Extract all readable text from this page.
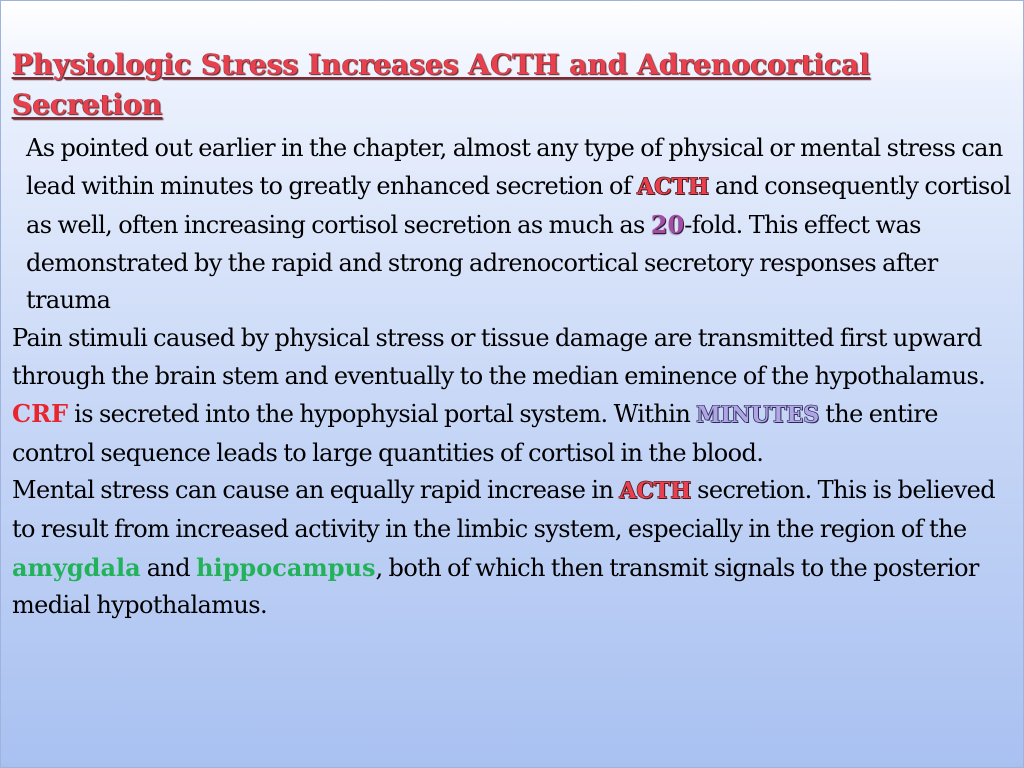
Physiologic Stress Increases ACTH and Adrenocortical Secretion

As pointed out earlier in the chapter, almost any type of physical or mental stress can lead within minutes to greatly enhanced secretion of ACTH and consequently cortisol as well, often increasing cortisol secretion as much as 20-fold. This effect was demonstrated by the rapid and strong adrenocortical secretory responses after trauma

Pain stimuli caused by physical stress or tissue damage are transmitted first upward through the brain stem and eventually to the median eminence of the hypothalamus. CRF is secreted into the hypophysial portal system. Within MINUTES the entire control sequence leads to large quantities of cortisol in the blood.

Mental stress can cause an equally rapid increase in ACTH secretion. This is believed to result from increased activity in the limbic system, especially in the region of the amygdala and hippocampus, both of which then transmit signals to the posterior medial hypothalamus.
